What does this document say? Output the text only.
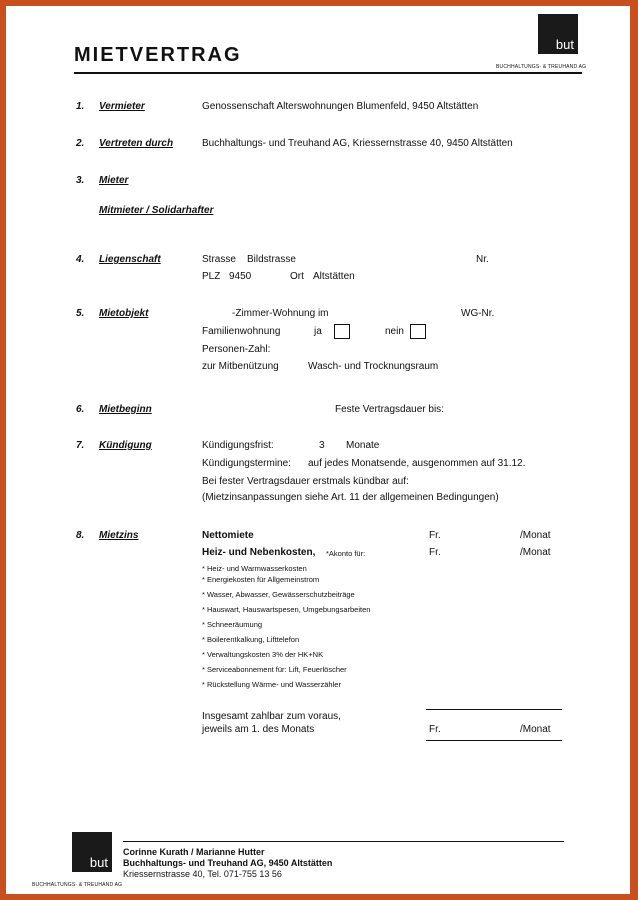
MIETVERTRAG	but
BUCHHALTUNGS- & TREUHAND AG
1. Vermieter	Genossenschaft Alterswohnungen Blumenfeld, 9450 Altstätten
2. Vertreten durch	Buchhaltungs- und Treuhand AG, Kriessernstrasse 40, 9450 Altstätten
3. Mieter
Mitmieter / Solidarhafter
4. Liegenschaft	Strasse Bildstrasse	Nr.
PLZ 9450	Ort Altstätten
5. Mietobjekt	-Zimmer-Wohnung im	WG-Nr.
Familienwohnung	ja	nein
Personen-Zahl:
zur Mitbenützung	Wasch- und Trocknungsraum
6. Mietbeginn	Feste Vertragsdauer bis:
7. Kündigung	Kündigungsfrist:	3 Monate
Kündigungstermine: auf jedes Monatsende, ausgenommen auf 31.12.
Bei fester Vertragsdauer erstmals kündbar auf:
(Mietzinsanpassungen siehe Art. 11 der allgemeinen Bedingungen)
8. Mietzins	Nettomiete	Fr.	/Monat
Heiz- und Nebenkosten, *Akonto für:	Fr.	/Monat
* Heiz- und Warmwasserkosten
* Energiekosten für Allgemeinstrom
* Wasser, Abwasser, Gewässerschutzbeiträge
* Hauswart, Hauswartspesen, Umgebungsarbeiten
* Schneeräumung
* Boilerentkalkung, Lifttelefon
* Verwaltungskosten 3% der HK+NK
* Serviceabonnement für: Lift, Feuerlöscher
* Rückstellung Wärme- und Wasserzähler
Insgesamt zahlbar zum voraus,
jeweils am 1. des Monats	Fr.	/Monat
but
BUCHHALTUNGS- & TREUHAND AG
Corinne Kurath / Marianne Hutter
Buchhaltungs- und Treuhand AG, 9450 Altstätten
Kriessernstrasse 40, Tel. 071-755 13 56
